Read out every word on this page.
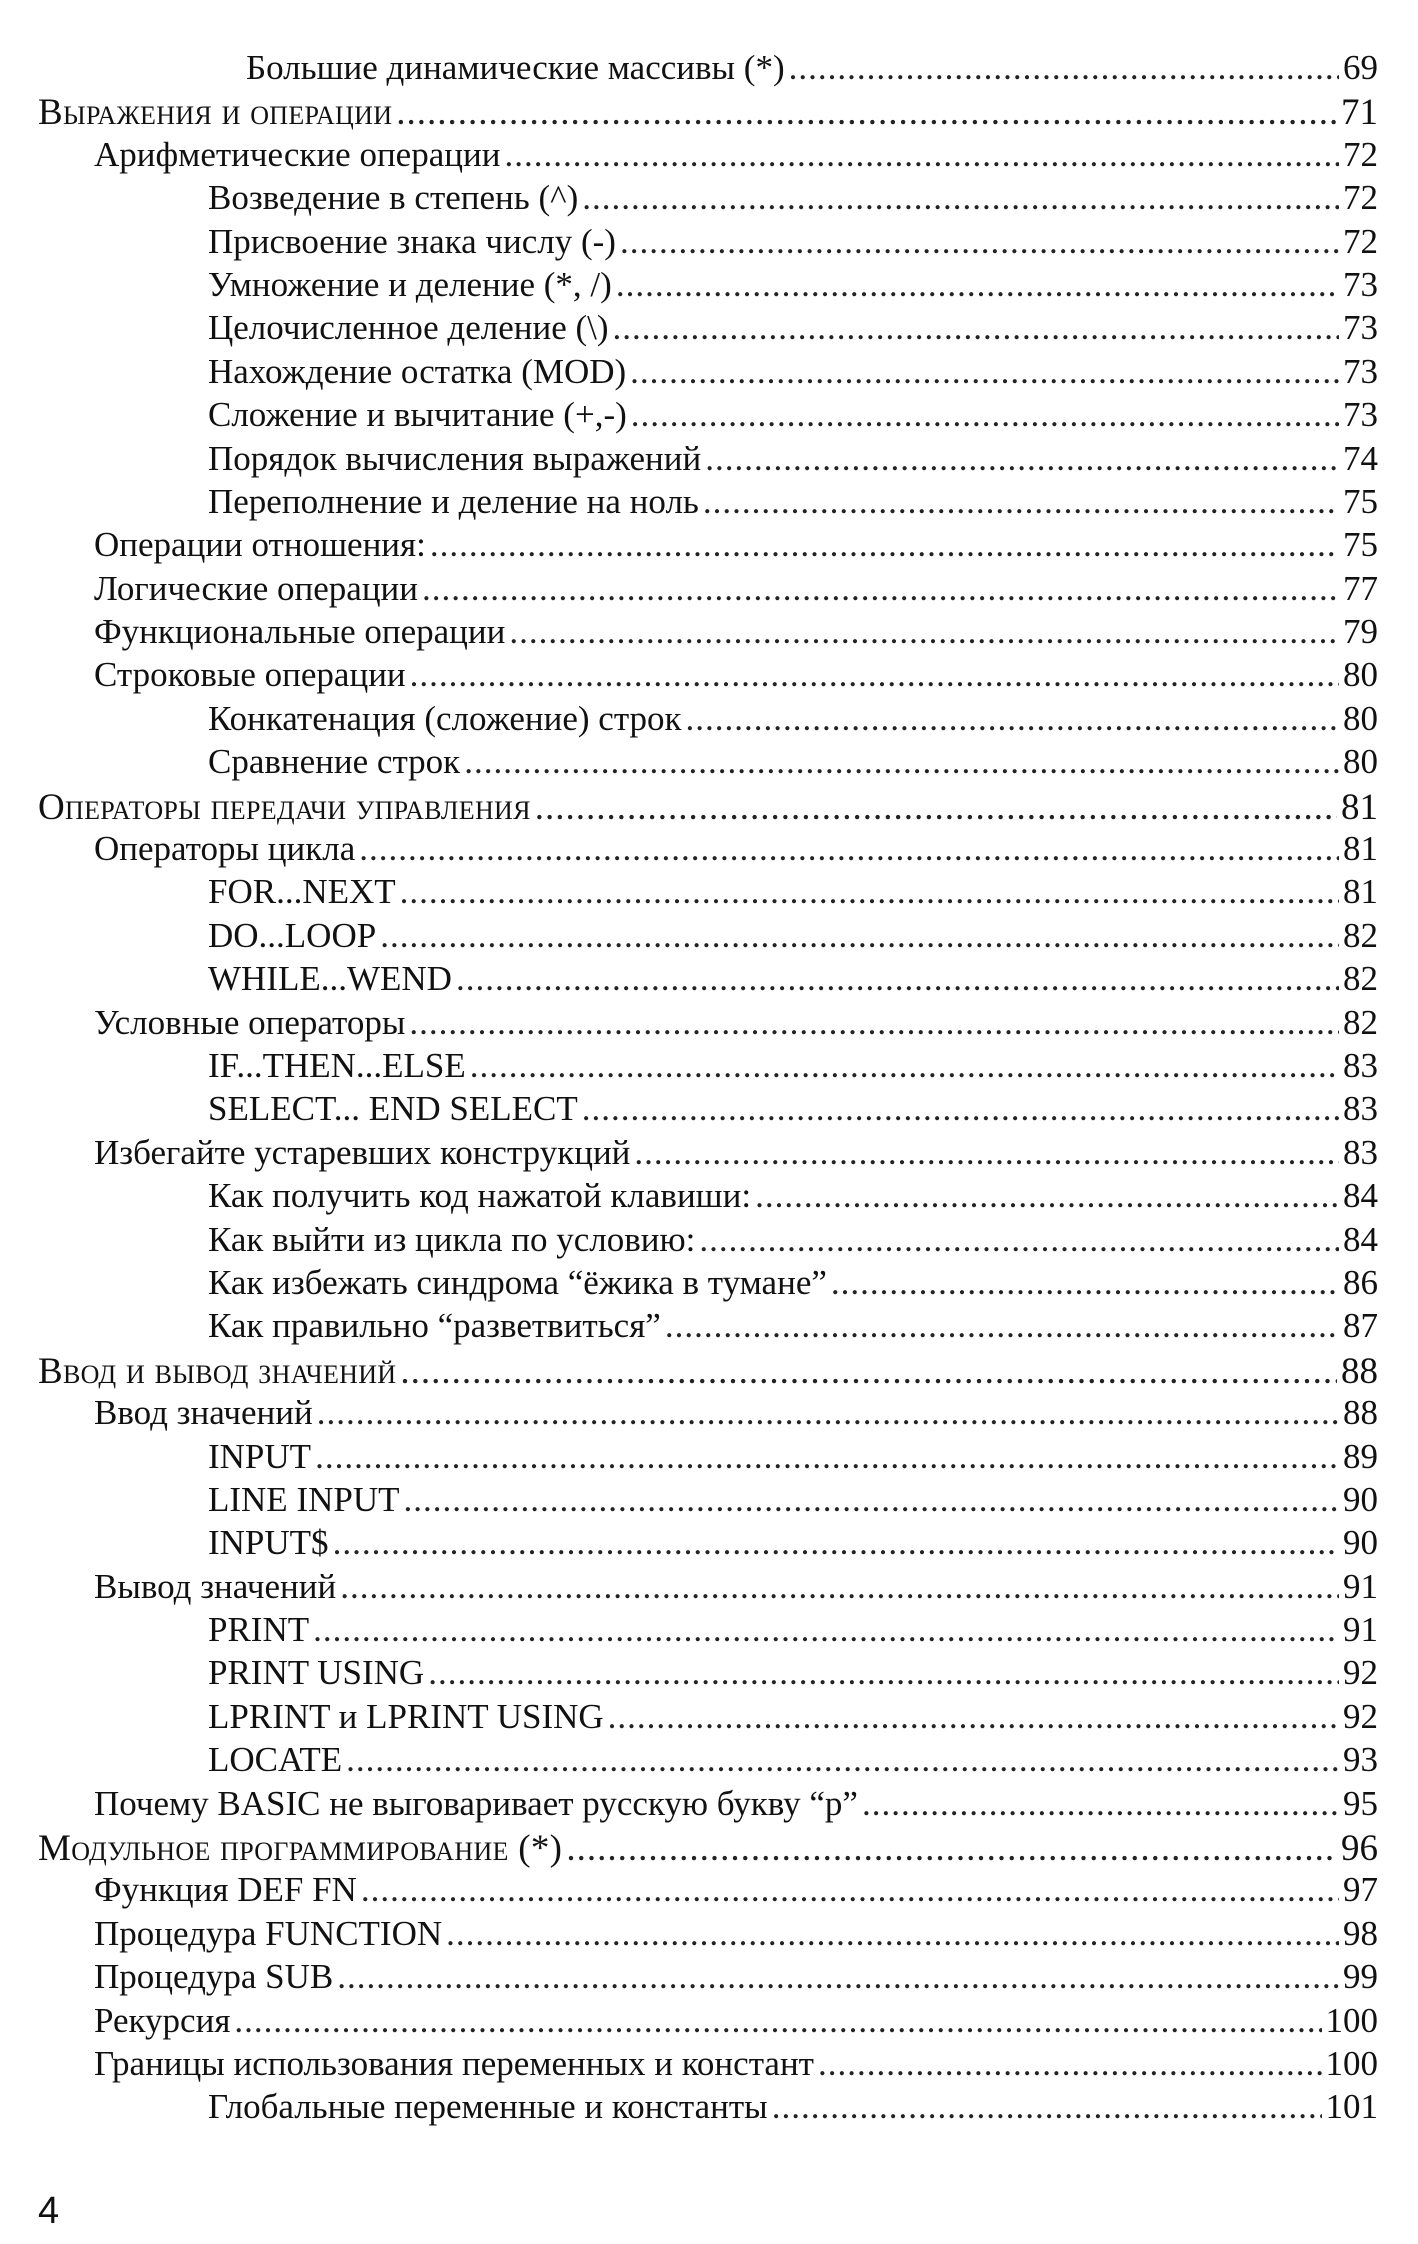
Большие динамические массивы (*) .....	69
Выражения и операции .....	71
Арифметические операции .....	72
Возведение в степень (^) .....	72
Присвоение знака числу (-) .....	72
Умножение и деление (*, /) .....	73
Целочисленное деление (\) .....	73
Нахождение остатка (MOD) .....	73
Сложение и вычитание (+,-) .....	73
Порядок вычисления выражений .....	74
Переполнение и деление на ноль .....	75
Операции отношения: .....	75
Логические операции .....	77
Функциональные операции .....	79
Строковые операции .....	80
Конкатенация (сложение) строк .....	80
Сравнение строк .....	80
Операторы передачи управления .....	81
Операторы цикла .....	81
FOR...NEXT .....	81
DO...LOOP .....	82
WHILE...WEND .....	82
Условные операторы .....	82
IF...THEN...ELSE .....	83
SELECT... END SELECT .....	83
Избегайте устаревших конструкций .....	83
Как получить код нажатой клавиши: .....	84
Как выйти из цикла по условию: .....	84
Как избежать синдрома “ёжика в тумане” .....	86
Как правильно “разветвиться” .....	87
Ввод и вывод значений .....	88
Ввод значений .....	88
INPUT .....	89
LINE INPUT .....	90
INPUT$ .....	90
Вывод значений .....	91
PRINT .....	91
PRINT USING .....	92
LPRINT и LPRINT USING .....	92
LOCATE .....	93
Почему BASIC не выговаривает русскую букву “р” .....	95
Модульное программирование (*) .....	96
Функция DEF FN .....	97
Процедура FUNCTION .....	98
Процедура SUB .....	99
Рекурсия .....	100
Границы использования переменных и констант .....	100
Глобальные переменные и константы .....	101
4
